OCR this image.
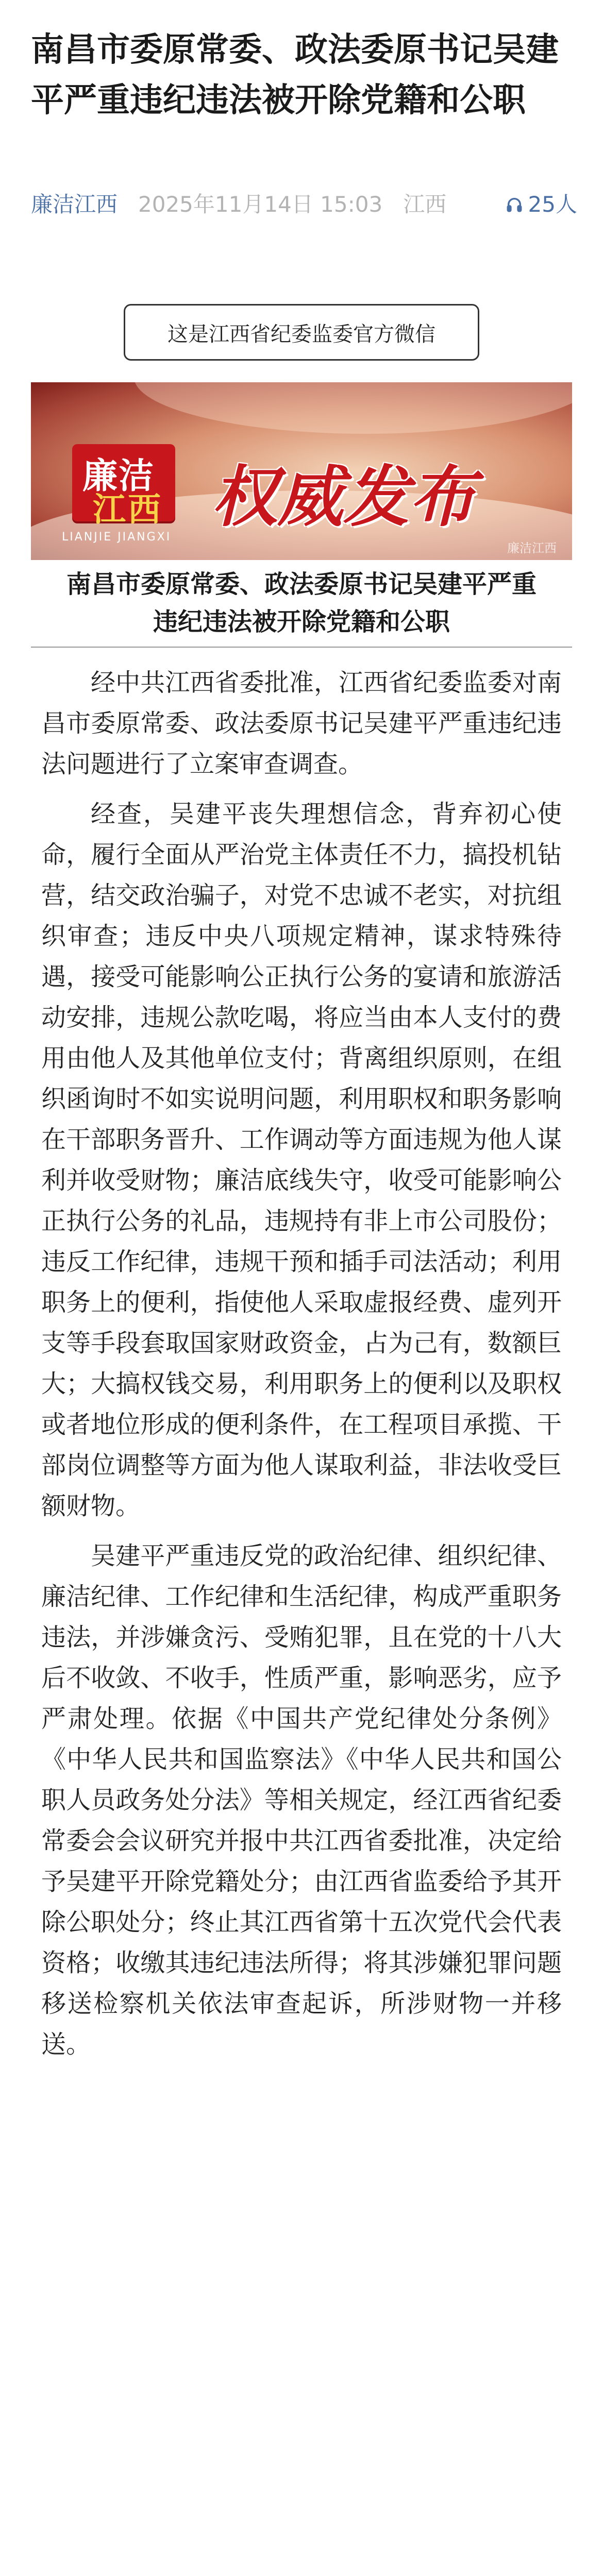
南昌市委原常委、政法委原书记吴建平严重违纪违法被开除党籍和公职
廉洁江西 2025年11月14日 15:03 江西	25人
这是江西省纪委监委官方微信
廉洁
江西
LIANJIE JIANGXI
权威发布
廉洁江西

南昌市委原常委、政法委原书记吴建平严重违纪违法被开除党籍和公职

经中共江西省委批准，江西省纪委监委对南昌市委原常委、政法委原书记吴建平严重违纪违法问题进行了立案审查调查。

经查，吴建平丧失理想信念，背弃初心使命，履行全面从严治党主体责任不力，搞投机钻营，结交政治骗子，对党不忠诚不老实，对抗组织审查；违反中央八项规定精神，谋求特殊待遇，接受可能影响公正执行公务的宴请和旅游活动安排，违规公款吃喝，将应当由本人支付的费用由他人及其他单位支付；背离组织原则，在组织函询时不如实说明问题，利用职权和职务影响在干部职务晋升、工作调动等方面违规为他人谋利并收受财物；廉洁底线失守，收受可能影响公正执行公务的礼品，违规持有非上市公司股份；违反工作纪律，违规干预和插手司法活动；利用职务上的便利，指使他人采取虚报经费、虚列开支等手段套取国家财政资金，占为己有，数额巨大；大搞权钱交易，利用职务上的便利以及职权或者地位形成的便利条件，在工程项目承揽、干部岗位调整等方面为他人谋取利益，非法收受巨额财物。

吴建平严重违反党的政治纪律、组织纪律、廉洁纪律、工作纪律和生活纪律，构成严重职务违法，并涉嫌贪污、受贿犯罪，且在党的十八大后不收敛、不收手，性质严重，影响恶劣，应予严肃处理。依据《中国共产党纪律处分条例》《中华人民共和国监察法》《中华人民共和国公职人员政务处分法》等相关规定，经江西省纪委常委会会议研究并报中共江西省委批准，决定给予吴建平开除党籍处分；由江西省监委给予其开除公职处分；终止其江西省第十五次党代会代表资格；收缴其违纪违法所得；将其涉嫌犯罪问题移送检察机关依法审查起诉，所涉财物一并移送。
